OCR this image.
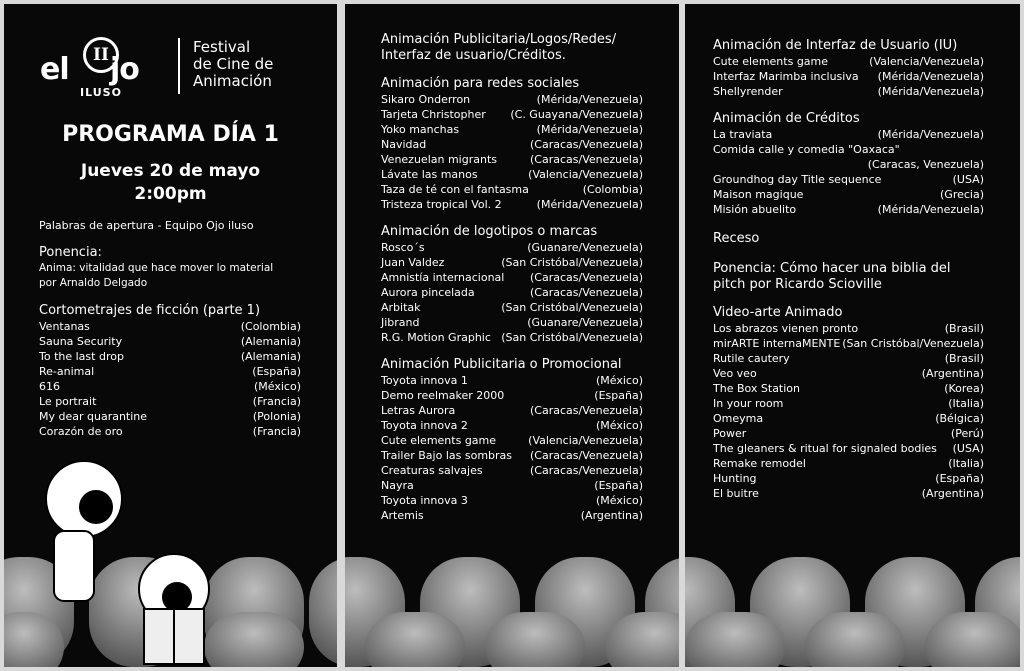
el	II jo
ILUSO
Festival
de Cine de
Animación
PROGRAMA DÍA 1
Jueves 20 de mayo
2:00pm
Palabras de apertura - Equipo Ojo iluso
Ponencia:
Anima: vitalidad que hace mover lo material
por Arnaldo Delgado
Cortometrajes de ficción (parte 1)
Ventanas	(Colombia)
Sauna Security	(Alemania)
To the last drop	(Alemania)
Re-animal	(España)
616	(México)
Le portrait	(Francia)
My dear quarantine	(Polonia)
Corazón de oro	(Francia)
Animación Publicitaria/Logos/Redes/
Interfaz de usuario/Créditos.
Animación para redes sociales
Sikaro Onderron	(Mérida/Venezuela)
Tarjeta Christopher (C. Guayana/Venezuela)
Yoko manchas	(Mérida/Venezuela)
Navidad	(Caracas/Venezuela)
Venezuelan migrants	(Caracas/Venezuela)
Lávate las manos	(Valencia/Venezuela)
Taza de té con el fantasma	(Colombia)
Tristeza tropical Vol. 2	(Mérida/Venezuela)
Animación de logotipos o marcas
Rosco´s	(Guanare/Venezuela)
Juan Valdez	(San Cristóbal/Venezuela)
Amnistía internacional (Caracas/Venezuela)
Aurora pincelada	(Caracas/Venezuela)
Arbitak	(San Cristóbal/Venezuela)
Jibrand	(Guanare/Venezuela)
R.G. Motion Graphic (San Cristóbal/Venezuela)
Animación Publicitaria o Promocional
Toyota innova 1	(México)
Demo reelmaker 2000	(España)
Letras Aurora	(Caracas/Venezuela)
Toyota innova 2	(México)
Cute elements game	(Valencia/Venezuela)
Trailer Bajo las sombras (Caracas/Venezuela)
Creaturas salvajes	(Caracas/Venezuela)
Nayra	(España)
Toyota innova 3	(México)
Artemis	(Argentina)
Animación de Interfaz de Usuario (IU)
Cute elements game	(Valencia/Venezuela)
Interfaz Marimba inclusiva (Mérida/Venezuela)
Shellyrender	(Mérida/Venezuela)
Animación de Créditos
La traviata	(Mérida/Venezuela)
Comida calle y comedia "Oaxaca"
(Caracas, Venezuela)
Groundhog day Title sequence	(USA)
Maison magique	(Grecia)
Misión abuelito	(Mérida/Venezuela)
Receso
Ponencia: Cómo hacer una biblia del
pitch por Ricardo Scioville
Video-arte Animado
Los abrazos vienen pronto	(Brasil)
mirARTE internaMENTE (San Cristóbal/Venezuela)
Rutile cautery	(Brasil)
Veo veo	(Argentina)
The Box Station	(Korea)
In your room	(Italia)
Omeyma	(Bélgica)
Power	(Perú)
The gleaners & ritual for signaled bodies (USA)
Remake remodel	(Italia)
Hunting	(España)
El buitre	(Argentina)
